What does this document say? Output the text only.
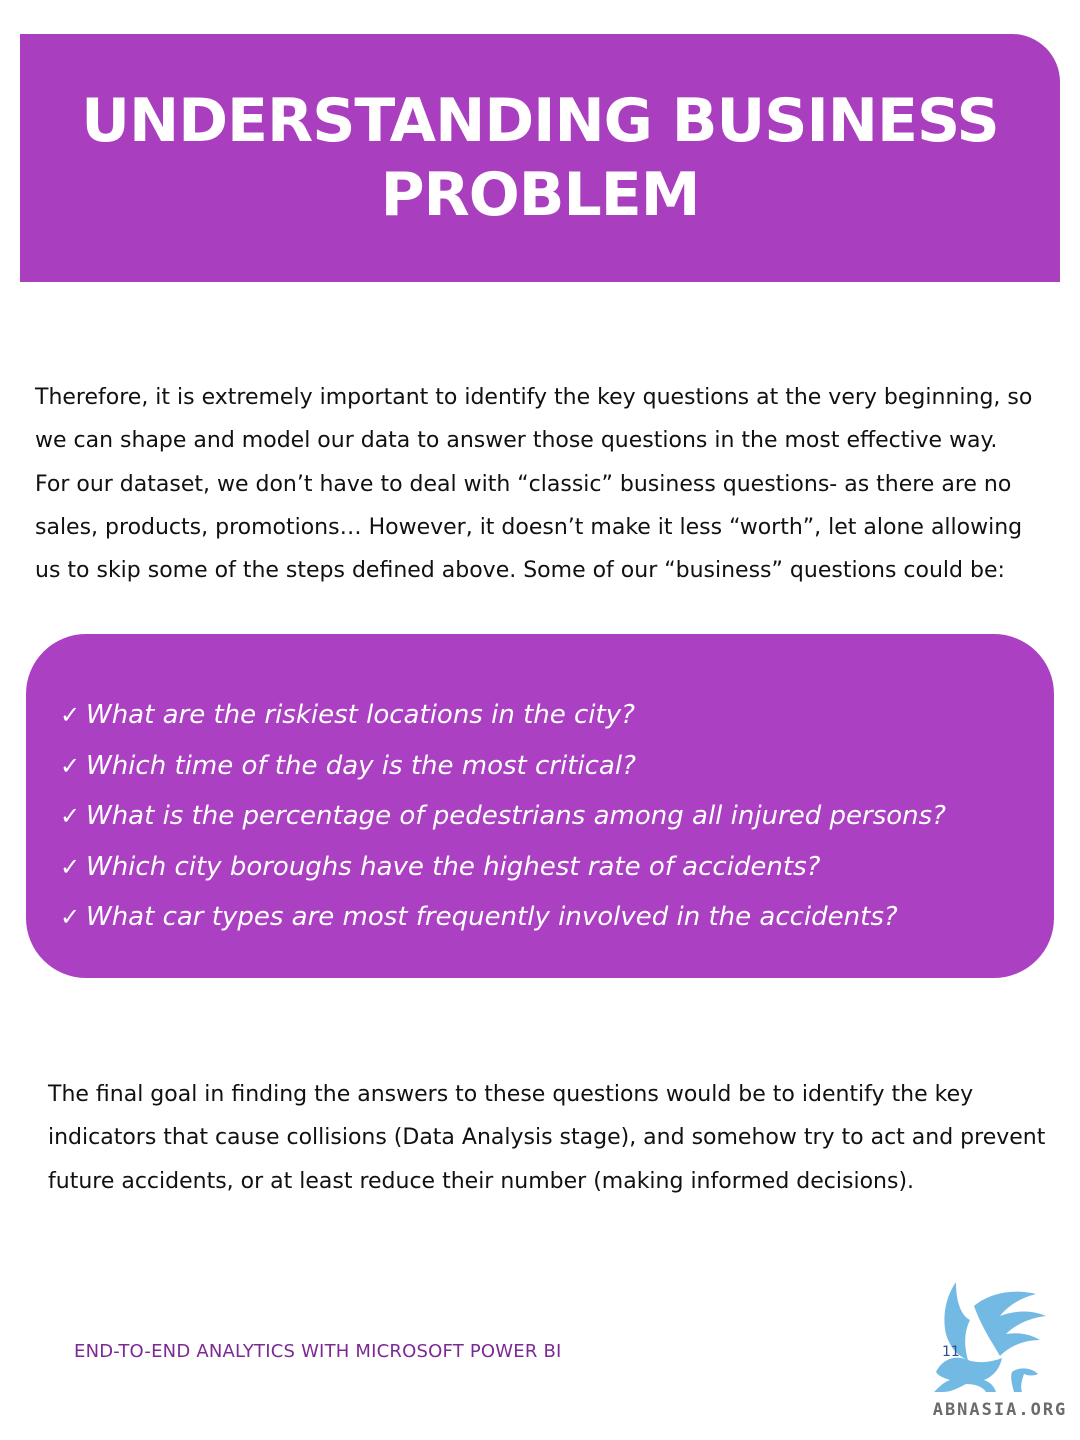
UNDERSTANDING BUSINESS PROBLEM

Therefore, it is extremely important to identify the key questions at the very beginning, so we can shape and model our data to answer those questions in the most effective way.

For our dataset, we don’t have to deal with “classic” business questions- as there are no sales, products, promotions… However, it doesn’t make it less “worth”, let alone allowing us to skip some of the steps defined above. Some of our “business” questions could be:

✓ What are the riskiest locations in the city?
✓ Which time of the day is the most critical?
✓ What is the percentage of pedestrians among all injured persons?
✓ Which city boroughs have the highest rate of accidents?
✓ What car types are most frequently involved in the accidents?

The final goal in finding the answers to these questions would be to identify the key indicators that cause collisions (Data Analysis stage), and somehow try to act and prevent future accidents, or at least reduce their number (making informed decisions).

END-TO-END ANALYTICS WITH MICROSOFT POWER BI	11
ABNASIA.ORG
